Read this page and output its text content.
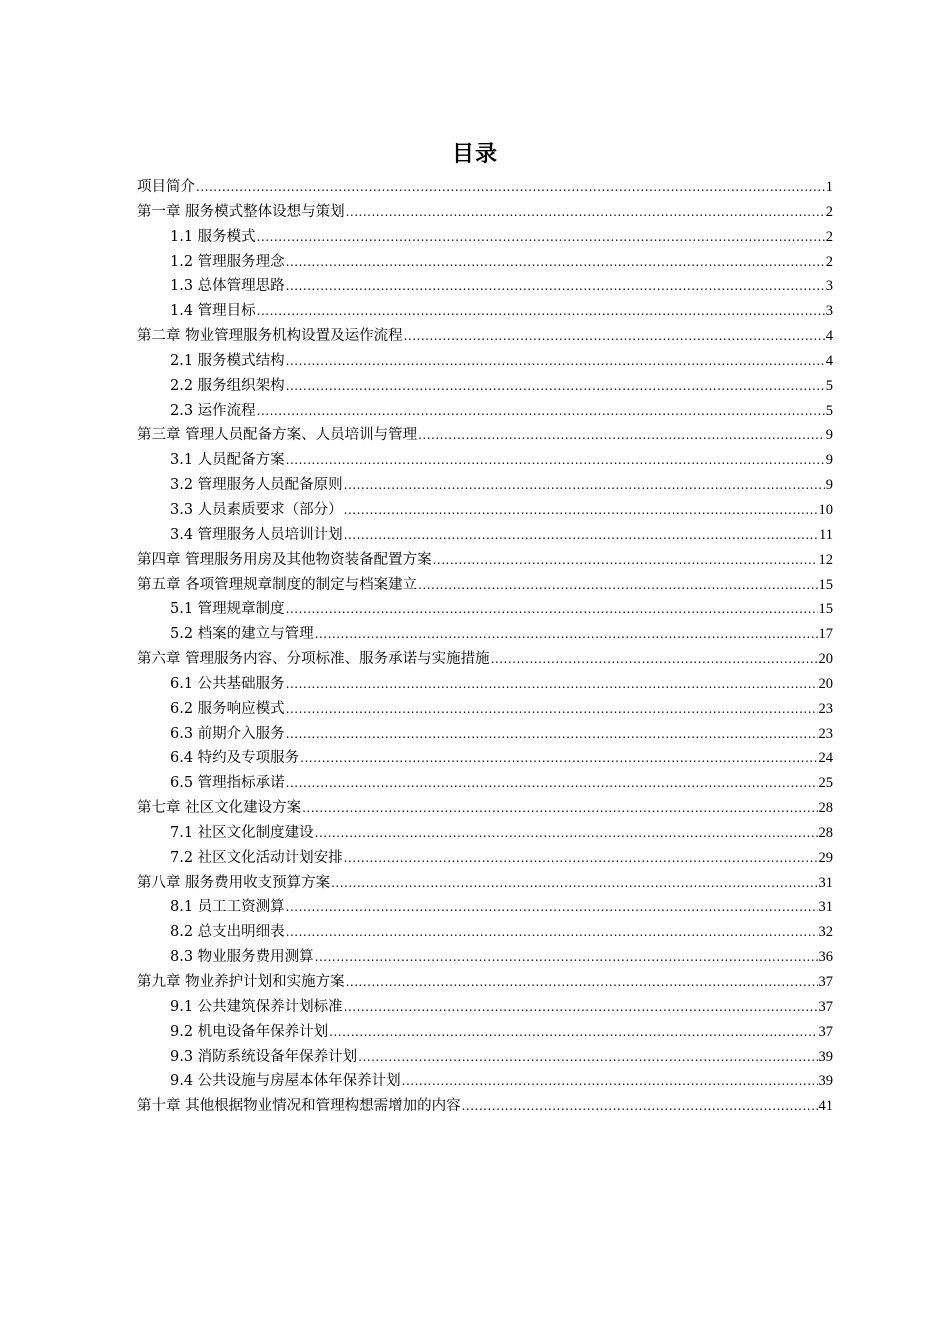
目录
项目简介 .....	1
第一章 服务模式整体设想与策划 .....	2
1.1 服务模式 .....	2
1.2 管理服务理念 .....	2
1.3 总体管理思路 .....	3
1.4 管理目标 .....	3
第二章 物业管理服务机构设置及运作流程 .....	4
2.1 服务模式结构 .....	4
2.2 服务组织架构 .....	5
2.3 运作流程 .....	5
第三章 管理人员配备方案、人员培训与管理 .....	9
3.1 人员配备方案 .....	9
3.2 管理服务人员配备原则 .....	9
3.3 人员素质要求（部分） .....	10
3.4 管理服务人员培训计划 .....	11
第四章 管理服务用房及其他物资装备配置方案 .....	12
第五章 各项管理规章制度的制定与档案建立 .....	15
5.1 管理规章制度 .....	15
5.2 档案的建立与管理 .....	17
第六章 管理服务内容、分项标准、服务承诺与实施措施 .....	20
6.1 公共基础服务 .....	20
6.2 服务响应模式 .....	23
6.3 前期介入服务 .....	23
6.4 特约及专项服务 .....	24
6.5 管理指标承诺 .....	25
第七章 社区文化建设方案 .....	28
7.1 社区文化制度建设 .....	28
7.2 社区文化活动计划安排 .....	29
第八章 服务费用收支预算方案 .....	31
8.1 员工工资测算 .....	31
8.2 总支出明细表 .....	32
8.3 物业服务费用测算 .....	36
第九章 物业养护计划和实施方案 .....	37
9.1 公共建筑保养计划标准 .....	37
9.2 机电设备年保养计划 .....	37
9.3 消防系统设备年保养计划 .....	39
9.4 公共设施与房屋本体年保养计划 .....	39
第十章 其他根据物业情况和管理构想需增加的内容 .....	41
